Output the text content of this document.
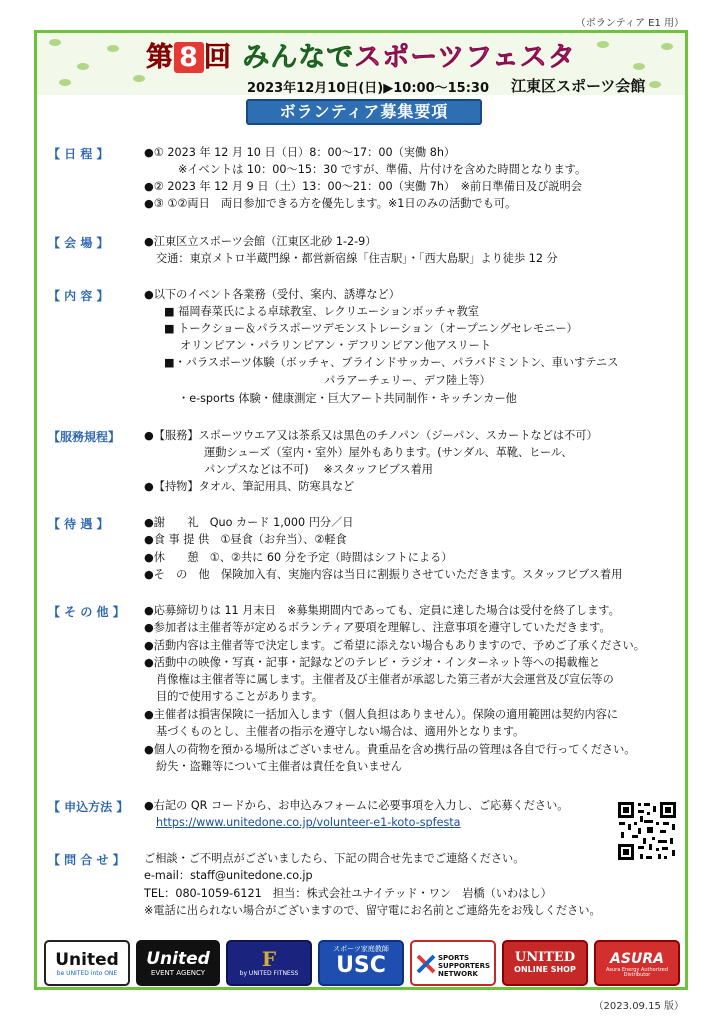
（ボランティア E1 用）
第 8 回 みんなでスポーツフェスタ
2023年12月10日(日)▶10:00～15:30 江東区スポーツ会館
ボランティア募集要項
【 日 程 】	●① 2023 年 12 月 10 日（日）8：00～17：00（実働 8h）
※イベントは 10：00～15：30 ですが、準備、片付けを含めた時間となります。
●② 2023 年 12 月 9 日（土）13：00～21：00（実働 7h）　※前日準備日及び説明会
●③ ①②両日　両日参加できる方を優先します。※1日のみの活動でも可。
【 会 場 】	●江東区立スポーツ会館（江東区北砂 1-2-9）
交通：東京メトロ半蔵門線・都営新宿線「住吉駅」・「西大島駅」より徒歩 12 分
【 内 容 】	●以下のイベント各業務（受付、案内、誘導など）
■ 福岡春菜氏による卓球教室、レクリエーションボッチャ教室
■ トークショー＆パラスポーツデモンストレーション（オープニングセレモニー）
オリンピアン・パラリンピアン・デフリンピアン他アスリート
■・パラスポーツ体験（ボッチャ、ブラインドサッカー、パラバドミントン、車いすテニス
パラアーチェリー、デフ陸上等）
・e-sports 体験・健康測定・巨大アート共同制作・キッチンカー他
【服務規程】	●【服務】スポーツウエア又は茶系又は黒色のチノパン（ジーパン、スカートなどは不可）
運動シューズ（室内・室外）屋外もあります。(サンダル、革靴、ヒール、
パンプスなどは不可)　 ※スタッフビブス着用
●【持物】タオル、筆記用具、防寒具など
【 待 遇 】	●謝　　礼　Quo カード 1,000 円分／日
●食 事 提 供　①昼食（お弁当）、②軽食
●休　　憩　①、②共に 60 分を予定（時間はシフトによる）
●そ　の　他　保険加入有、実施内容は当日に割振りさせていただきます。スタッフビブス着用
【 そ の 他 】	●応募締切りは 11 月末日　※募集期間内であっても、定員に達した場合は受付を終了します。
●参加者は主催者等が定めるボランティア要項を理解し、注意事項を遵守していただきます。
●活動内容は主催者等で決定します。ご希望に添えない場合もありますので、予めご了承ください。
●活動中の映像・写真・記事・記録などのテレビ・ラジオ・インターネット等への掲載権と
肖像権は主催者等に属します。主催者及び主催者が承認した第三者が大会運営及び宣伝等の
目的で使用することがあります。
●主催者は損害保険に一括加入します（個人負担はありません）。保険の適用範囲は契約内容に
基づくものとし、主催者の指示を遵守しない場合は、適用外となります。
●個人の荷物を預かる場所はございません。貴重品を含め携行品の管理は各自で行ってください。
紛失・盗難等について主催者は責任を負いません
【 申込方法 】	●右記の QR コードから、お申込みフォームに必要事項を入力し、ご応募ください。
https://www.unitedone.co.jp/volunteer-e1-koto-spfesta
【 問 合 せ 】	ご相談・ご不明点がございましたら、下記の問合せ先までご連絡ください。
e-mail：staff@unitedone.co.jp
TEL：080-1059-6121　担当：株式会社ユナイテッド・ワン　岩橋（いわはし）
※電話に出られない場合がございますので、留守電にお名前とご連絡先をお残しください。
United
be UNITED into ONE
United
EVENT AGENCY
F
by UNITED FITNESS
スポーツ家庭教師
USC	SPORTS SUPPORTERS NETWORK
UNITED
ONLINE SHOP
ASURA
Asura Energy Authorized Distributor
（2023.09.15 版）
